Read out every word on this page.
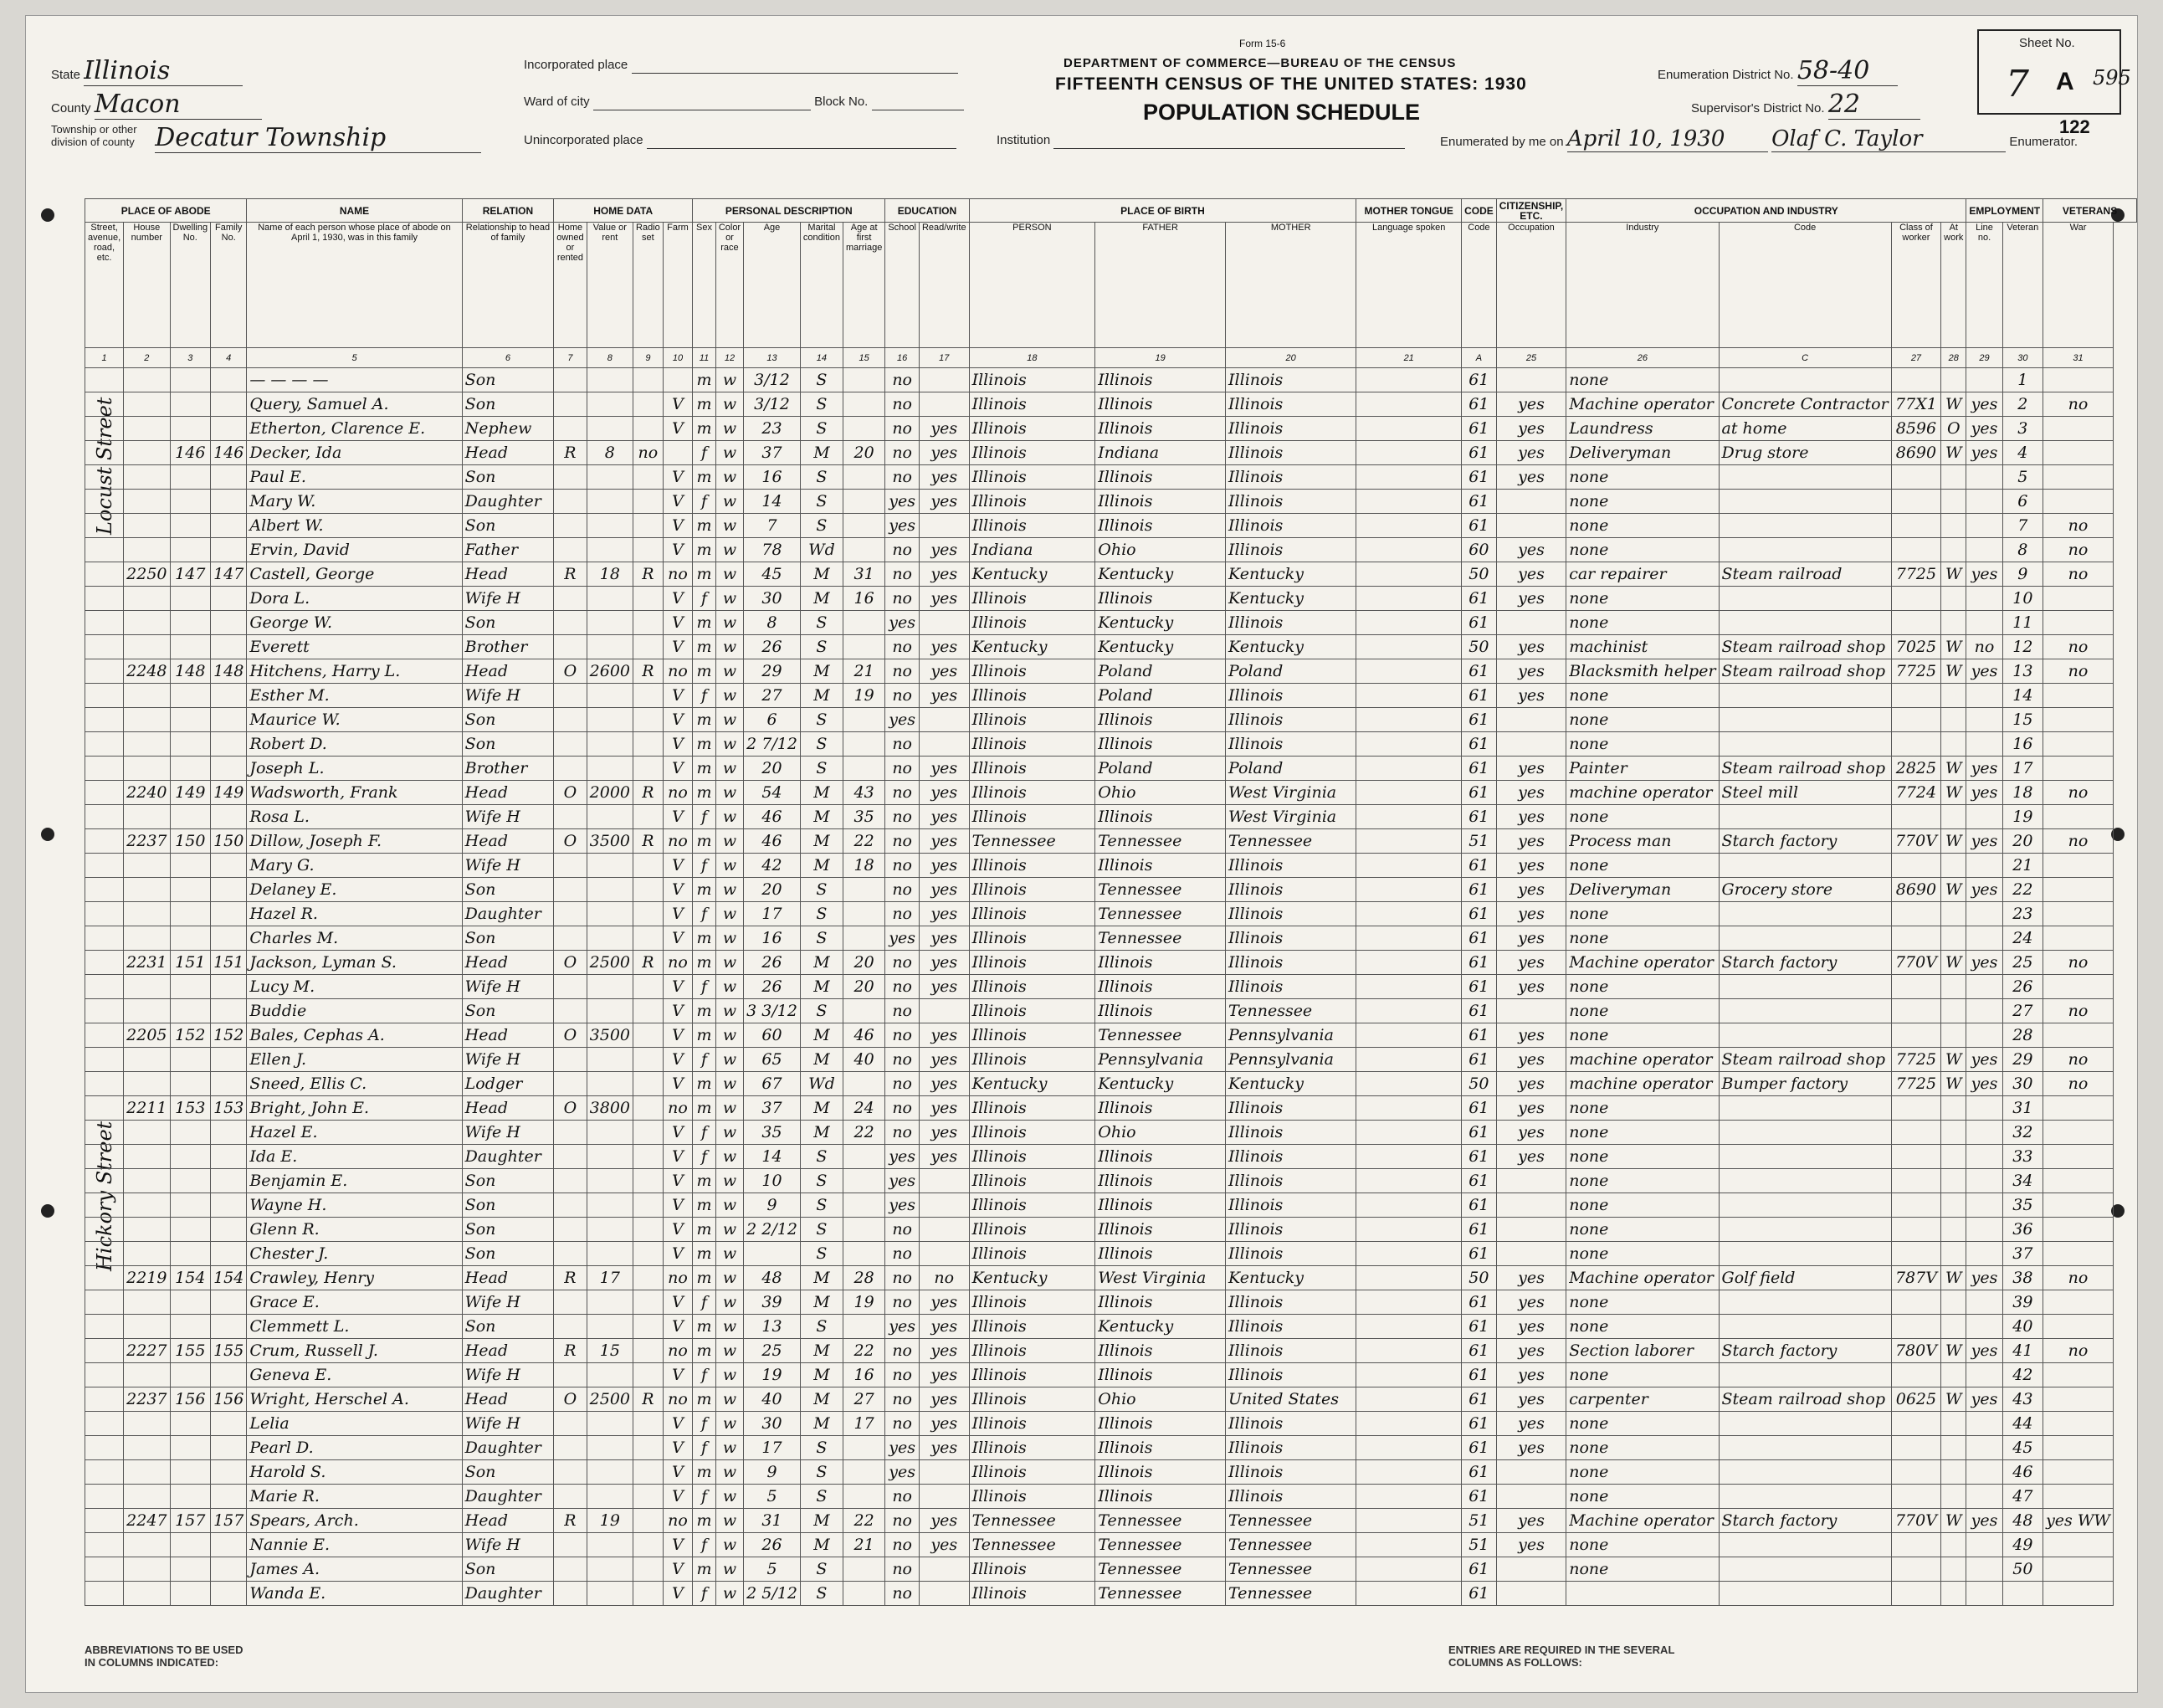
Form 15-6
DEPARTMENT OF COMMERCE—BUREAU OF THE CENSUS
FIFTEENTH CENSUS OF THE UNITED STATES: 1930
POPULATION SCHEDULE
State Illinois
County Macon
Township or other division of county Decatur Township
Incorporated place
Ward of city	Block No.
Unincorporated place	Institution
Enumeration District No. 58-40
Supervisor's District No. 22
Enumerated by me on April 10, 1930 Olaf C. Taylor	Enumerator.
Sheet No.
7 A 595
122
Locust Street
Hickory Street
PLACE OF ABODE				NAME	RELATION	HOME DATA				PERSONAL DESCRIPTION					EDUCATION		PLACE OF BIRTH			MOTHER TONGUE	CODE	CITIZENSHIP, ETC.	OCCUPATION AND INDUSTRY				EMPLOYMENT		VETERANS
Street, avenue, road, etc.	House number	Dwelling No.	Family No.	Name of each person whose place of abode on April 1, 1930, was in this family	Relationship to head of family	Home owned or rented	Value or rent	Radio set	Farm	Sex	Color or race	Age	Marital condition	Age at first marriage	School	Read/write	PERSON	FATHER	MOTHER	Language spoken	Code	Occupation	Industry	Code	Class of worker	At work	Line no.	Veteran	War
1	2	3	4	5	6	7	8	9	10	11	12	13	14	15	16	17	18	19	20	21	A	25	26	C	27	28	29	30	31
				— — — —	Son					m	w	3/12	S		no		Illinois	Illinois	Illinois		61		none					1	
				Query, Samuel A.	Son				V	m	w	3/12	S		no		Illinois	Illinois	Illinois		61	yes	Machine operator	Concrete Contractor	77X1	W	yes	2	no
				Etherton, Clarence E.	Nephew				V	m	w	23	S		no	yes	Illinois	Illinois	Illinois		61	yes	Laundress	at home	8596	O	yes	3	
		146	146	Decker, Ida	Head	R	8	no		f	w	37	M	20	no	yes	Illinois	Indiana	Illinois		61	yes	Deliveryman	Drug store	8690	W	yes	4	
				Paul E.	Son				V	m	w	16	S		no	yes	Illinois	Illinois	Illinois		61	yes	none					5	
				Mary W.	Daughter				V	f	w	14	S		yes	yes	Illinois	Illinois	Illinois		61		none					6	
				Albert W.	Son				V	m	w	7	S		yes		Illinois	Illinois	Illinois		61		none					7	no
				Ervin, David	Father				V	m	w	78	Wd		no	yes	Indiana	Ohio	Illinois		60	yes	none					8	no
	2250	147	147	Castell, George	Head	R	18	R	no	m	w	45	M	31	no	yes	Kentucky	Kentucky	Kentucky		50	yes	car repairer	Steam railroad	7725	W	yes	9	no
				Dora L.	Wife H				V	f	w	30	M	16	no	yes	Illinois	Illinois	Kentucky		61	yes	none					10	
				George W.	Son				V	m	w	8	S		yes		Illinois	Kentucky	Illinois		61		none					11	
				Everett	Brother				V	m	w	26	S		no	yes	Kentucky	Kentucky	Kentucky		50	yes	machinist	Steam railroad shop	7025	W	no	12	no
	2248	148	148	Hitchens, Harry L.	Head	O	2600	R	no	m	w	29	M	21	no	yes	Illinois	Poland	Poland		61	yes	Blacksmith helper	Steam railroad shop	7725	W	yes	13	no
				Esther M.	Wife H				V	f	w	27	M	19	no	yes	Illinois	Poland	Illinois		61	yes	none					14	
				Maurice W.	Son				V	m	w	6	S		yes		Illinois	Illinois	Illinois		61		none					15	
				Robert D.	Son				V	m	w	2 7/12	S		no		Illinois	Illinois	Illinois		61		none					16	
				Joseph L.	Brother				V	m	w	20	S		no	yes	Illinois	Poland	Poland		61	yes	Painter	Steam railroad shop	2825	W	yes	17	
	2240	149	149	Wadsworth, Frank	Head	O	2000	R	no	m	w	54	M	43	no	yes	Illinois	Ohio	West Virginia		61	yes	machine operator	Steel mill	7724	W	yes	18	no
				Rosa L.	Wife H				V	f	w	46	M	35	no	yes	Illinois	Illinois	West Virginia		61	yes	none					19	
	2237	150	150	Dillow, Joseph F.	Head	O	3500	R	no	m	w	46	M	22	no	yes	Tennessee	Tennessee	Tennessee		51	yes	Process man	Starch factory	770V	W	yes	20	no
				Mary G.	Wife H				V	f	w	42	M	18	no	yes	Illinois	Illinois	Illinois		61	yes	none					21	
				Delaney E.	Son				V	m	w	20	S		no	yes	Illinois	Tennessee	Illinois		61	yes	Deliveryman	Grocery store	8690	W	yes	22	
				Hazel R.	Daughter				V	f	w	17	S		no	yes	Illinois	Tennessee	Illinois		61	yes	none					23	
				Charles M.	Son				V	m	w	16	S		yes	yes	Illinois	Tennessee	Illinois		61	yes	none					24	
	2231	151	151	Jackson, Lyman S.	Head	O	2500	R	no	m	w	26	M	20	no	yes	Illinois	Illinois	Illinois		61	yes	Machine operator	Starch factory	770V	W	yes	25	no
				Lucy M.	Wife H				V	f	w	26	M	20	no	yes	Illinois	Illinois	Illinois		61	yes	none					26	
				Buddie	Son				V	m	w	3 3/12	S		no		Illinois	Illinois	Tennessee		61		none					27	no
	2205	152	152	Bales, Cephas A.	Head	O	3500		V	m	w	60	M	46	no	yes	Illinois	Tennessee	Pennsylvania		61	yes	none					28	
				Ellen J.	Wife H				V	f	w	65	M	40	no	yes	Illinois	Pennsylvania	Pennsylvania		61	yes	machine operator	Steam railroad shop	7725	W	yes	29	no
				Sneed, Ellis C.	Lodger				V	m	w	67	Wd		no	yes	Kentucky	Kentucky	Kentucky		50	yes	machine operator	Bumper factory	7725	W	yes	30	no
	2211	153	153	Bright, John E.	Head	O	3800		no	m	w	37	M	24	no	yes	Illinois	Illinois	Illinois		61	yes	none					31	
				Hazel E.	Wife H				V	f	w	35	M	22	no	yes	Illinois	Ohio	Illinois		61	yes	none					32	
				Ida E.	Daughter				V	f	w	14	S		yes	yes	Illinois	Illinois	Illinois		61	yes	none					33	
				Benjamin E.	Son				V	m	w	10	S		yes		Illinois	Illinois	Illinois		61		none					34	
				Wayne H.	Son				V	m	w	9	S		yes		Illinois	Illinois	Illinois		61		none					35	
				Glenn R.	Son				V	m	w	2 2/12	S		no		Illinois	Illinois	Illinois		61		none					36	
				Chester J.	Son				V	m	w		S		no		Illinois	Illinois	Illinois		61		none					37	
	2219	154	154	Crawley, Henry	Head	R	17		no	m	w	48	M	28	no	no	Kentucky	West Virginia	Kentucky		50	yes	Machine operator	Golf field	787V	W	yes	38	no
				Grace E.	Wife H				V	f	w	39	M	19	no	yes	Illinois	Illinois	Illinois		61	yes	none					39	
				Clemmett L.	Son				V	m	w	13	S		yes	yes	Illinois	Kentucky	Illinois		61	yes	none					40	
	2227	155	155	Crum, Russell J.	Head	R	15		no	m	w	25	M	22	no	yes	Illinois	Illinois	Illinois		61	yes	Section laborer	Starch factory	780V	W	yes	41	no
				Geneva E.	Wife H				V	f	w	19	M	16	no	yes	Illinois	Illinois	Illinois		61	yes	none					42	
	2237	156	156	Wright, Herschel A.	Head	O	2500	R	no	m	w	40	M	27	no	yes	Illinois	Ohio	United States		61	yes	carpenter	Steam railroad shop	0625	W	yes	43	
				Lelia	Wife H				V	f	w	30	M	17	no	yes	Illinois	Illinois	Illinois		61	yes	none					44	
				Pearl D.	Daughter				V	f	w	17	S		yes	yes	Illinois	Illinois	Illinois		61	yes	none					45	
				Harold S.	Son				V	m	w	9	S		yes		Illinois	Illinois	Illinois		61		none					46	
				Marie R.	Daughter				V	f	w	5	S		no		Illinois	Illinois	Illinois		61		none					47	
	2247	157	157	Spears, Arch.	Head	R	19		no	m	w	31	M	22	no	yes	Tennessee	Tennessee	Tennessee		51	yes	Machine operator	Starch factory	770V	W	yes	48	yes WW
				Nannie E.	Wife H				V	f	w	26	M	21	no	yes	Tennessee	Tennessee	Tennessee		51	yes	none					49	
				James A.	Son				V	m	w	5	S		no		Illinois	Tennessee	Tennessee		61		none					50	
				Wanda E.	Daughter				V	f	w	2 5/12	S		no		Illinois	Tennessee	Tennessee		61								
ABBREVIATIONS TO BE USED IN COLUMNS INDICATED:
ENTRIES ARE REQUIRED IN THE SEVERAL COLUMNS AS FOLLOWS:
